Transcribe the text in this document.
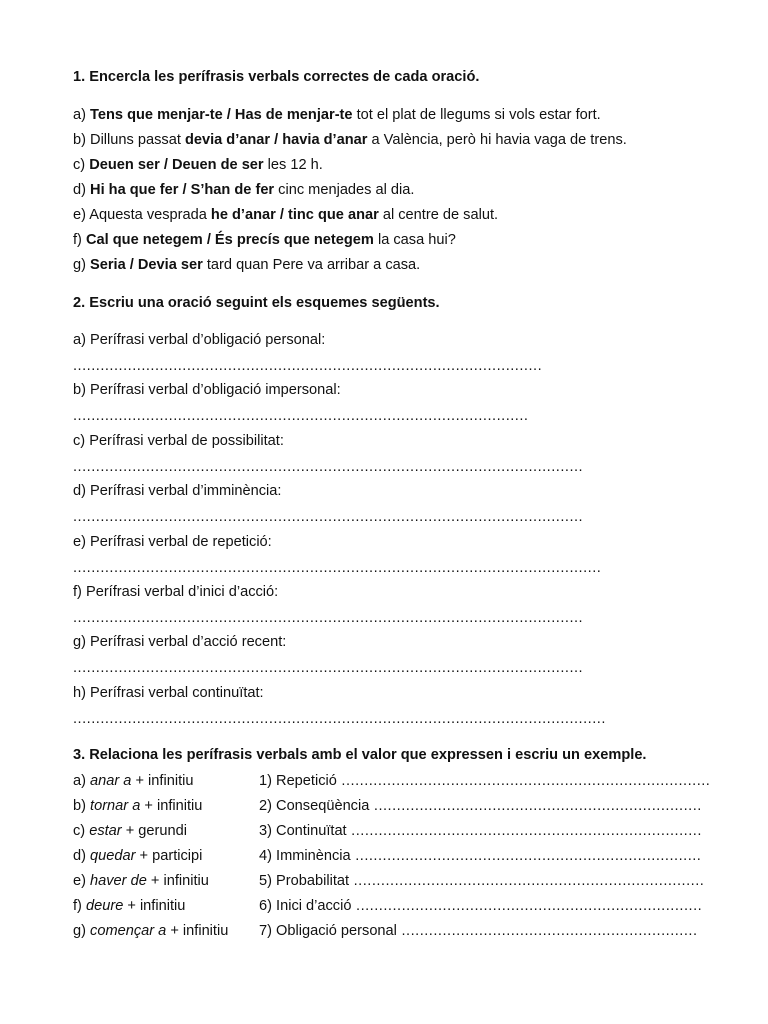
1. Encercla les perífrasis verbals correctes de cada oració.
a) Tens que menjar-te / Has de menjar-te tot el plat de llegums si vols estar fort.
b) Dilluns passat devia d’anar / havia d’anar a València, però hi havia vaga de trens.
c) Deuen ser / Deuen de ser les 12 h.
d) Hi ha que fer / S’han de fer cinc menjades al dia.
e) Aquesta vesprada he d’anar / tinc que anar al centre de salut.
f) Cal que netegem / És precís que netegem la casa hui?
g) Seria / Devia ser tard quan Pere va arribar a casa.
2. Escriu una oració seguint els esquemes següents.
a) Perífrasi verbal d’obligació personal:
.......................................................................................................
b) Perífrasi verbal d’obligació impersonal:
....................................................................................................
c) Perífrasi verbal de possibilitat:
................................................................................................................
d) Perífrasi verbal d’imminència:
................................................................................................................
e) Perífrasi verbal de repetició:
....................................................................................................................
f) Perífrasi verbal d’inici d’acció:
................................................................................................................
g) Perífrasi verbal d’acció recent:
................................................................................................................
h) Perífrasi verbal continuïtat:
.....................................................................................................................
3. Relaciona les perífrasis verbals amb el valor que expressen i escriu un exemple.
a) anar a + infinitiu
b) tornar a + infinitiu
c) estar + gerundi
d) quedar + participi
e) haver de + infinitiu
f) deure + infinitiu
g) començar a + infinitiu
1) Repetició .................................................................................
2) Conseqüència ........................................................................
3) Continuïtat .............................................................................
4) Imminència ............................................................................
5) Probabilitat .............................................................................
6) Inici d’acció ............................................................................
7) Obligació personal .................................................................
